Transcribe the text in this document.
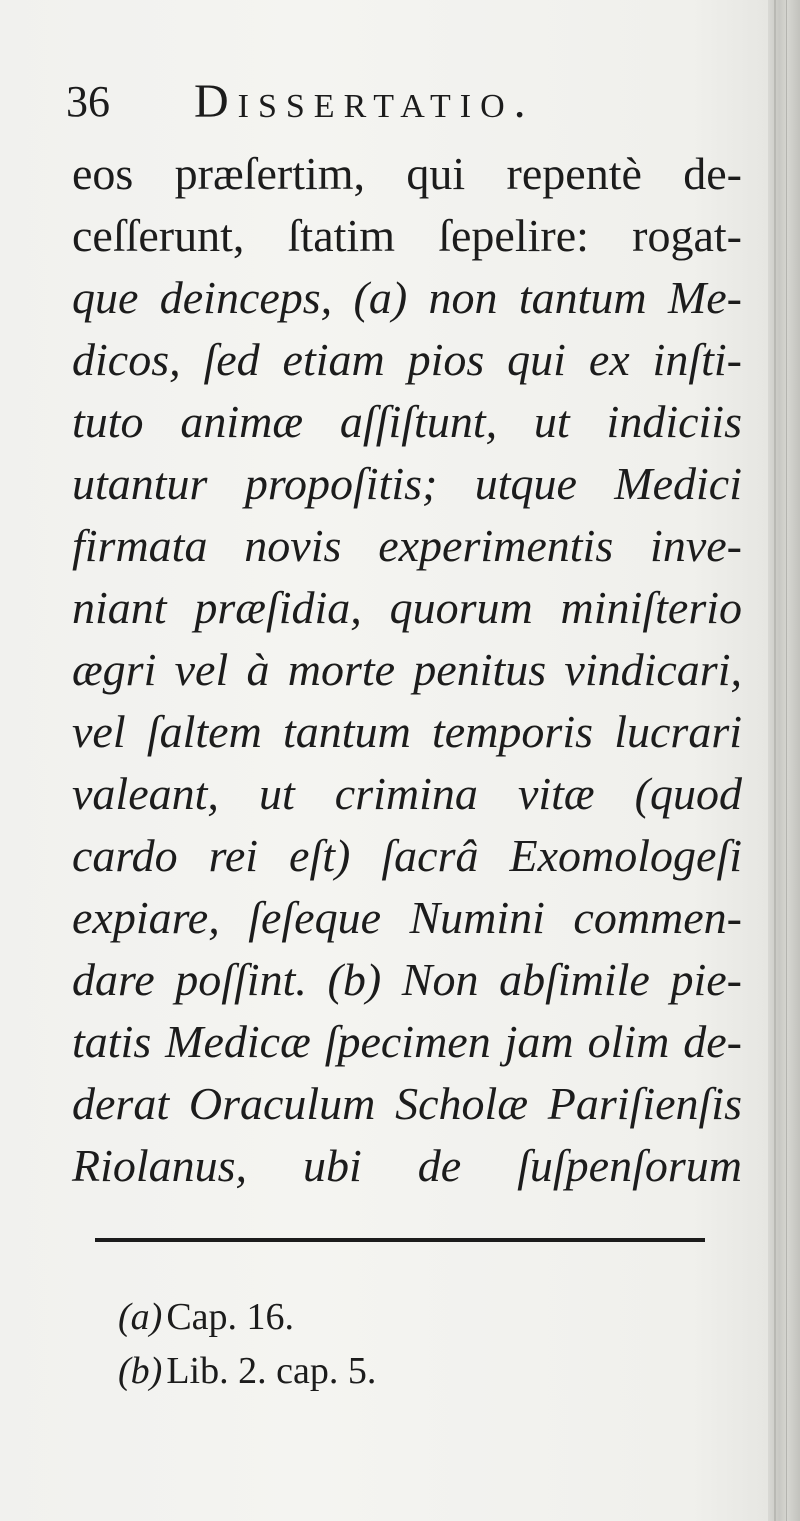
36 Dissertatio.
eos præſertim, qui repentè de-
ceſſerunt, ſtatim ſepelire: rogat-
que deinceps, (a) non tantum Me-
dicos, ſed etiam pios qui ex inſti-
tuto animæ aſſiſtunt, ut indiciis
utantur propoſitis; utque Medici
firmata novis experimentis inve-
niant præſidia, quorum miniſterio
ægri vel à morte penitus vindicari,
vel ſaltem tantum temporis lucrari
valeant, ut crimina vitæ (quod
cardo rei eſt) ſacrâ Exomologeſi
expiare, ſeſeque Numini commen-
dare poſſint. (b) Non abſimile pie-
tatis Medicæ ſpecimen jam olim de-
derat Oraculum Scholæ Pariſienſis
Riolanus, ubi de ſuſpenſorum
(a) Cap. 16.
(b) Lib. 2. cap. 5.
